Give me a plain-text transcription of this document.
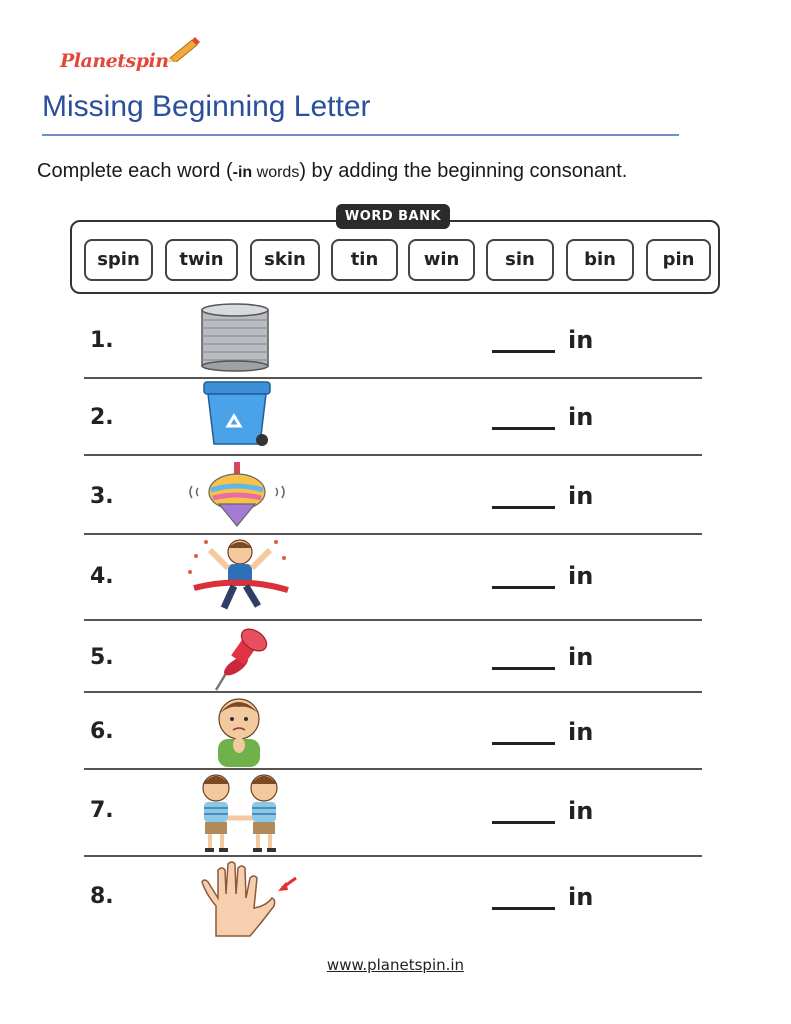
Planetspin
Missing Beginning Letter
Complete each word (-in words) by adding the beginning consonant.
WORD BANK
spin	twin	skin	tin	win	sin	bin	pin
1.	in
2.	in
3.	in
4.	in
5.	in
6.	in
7.	in
8.	in
www.planetspin.in
